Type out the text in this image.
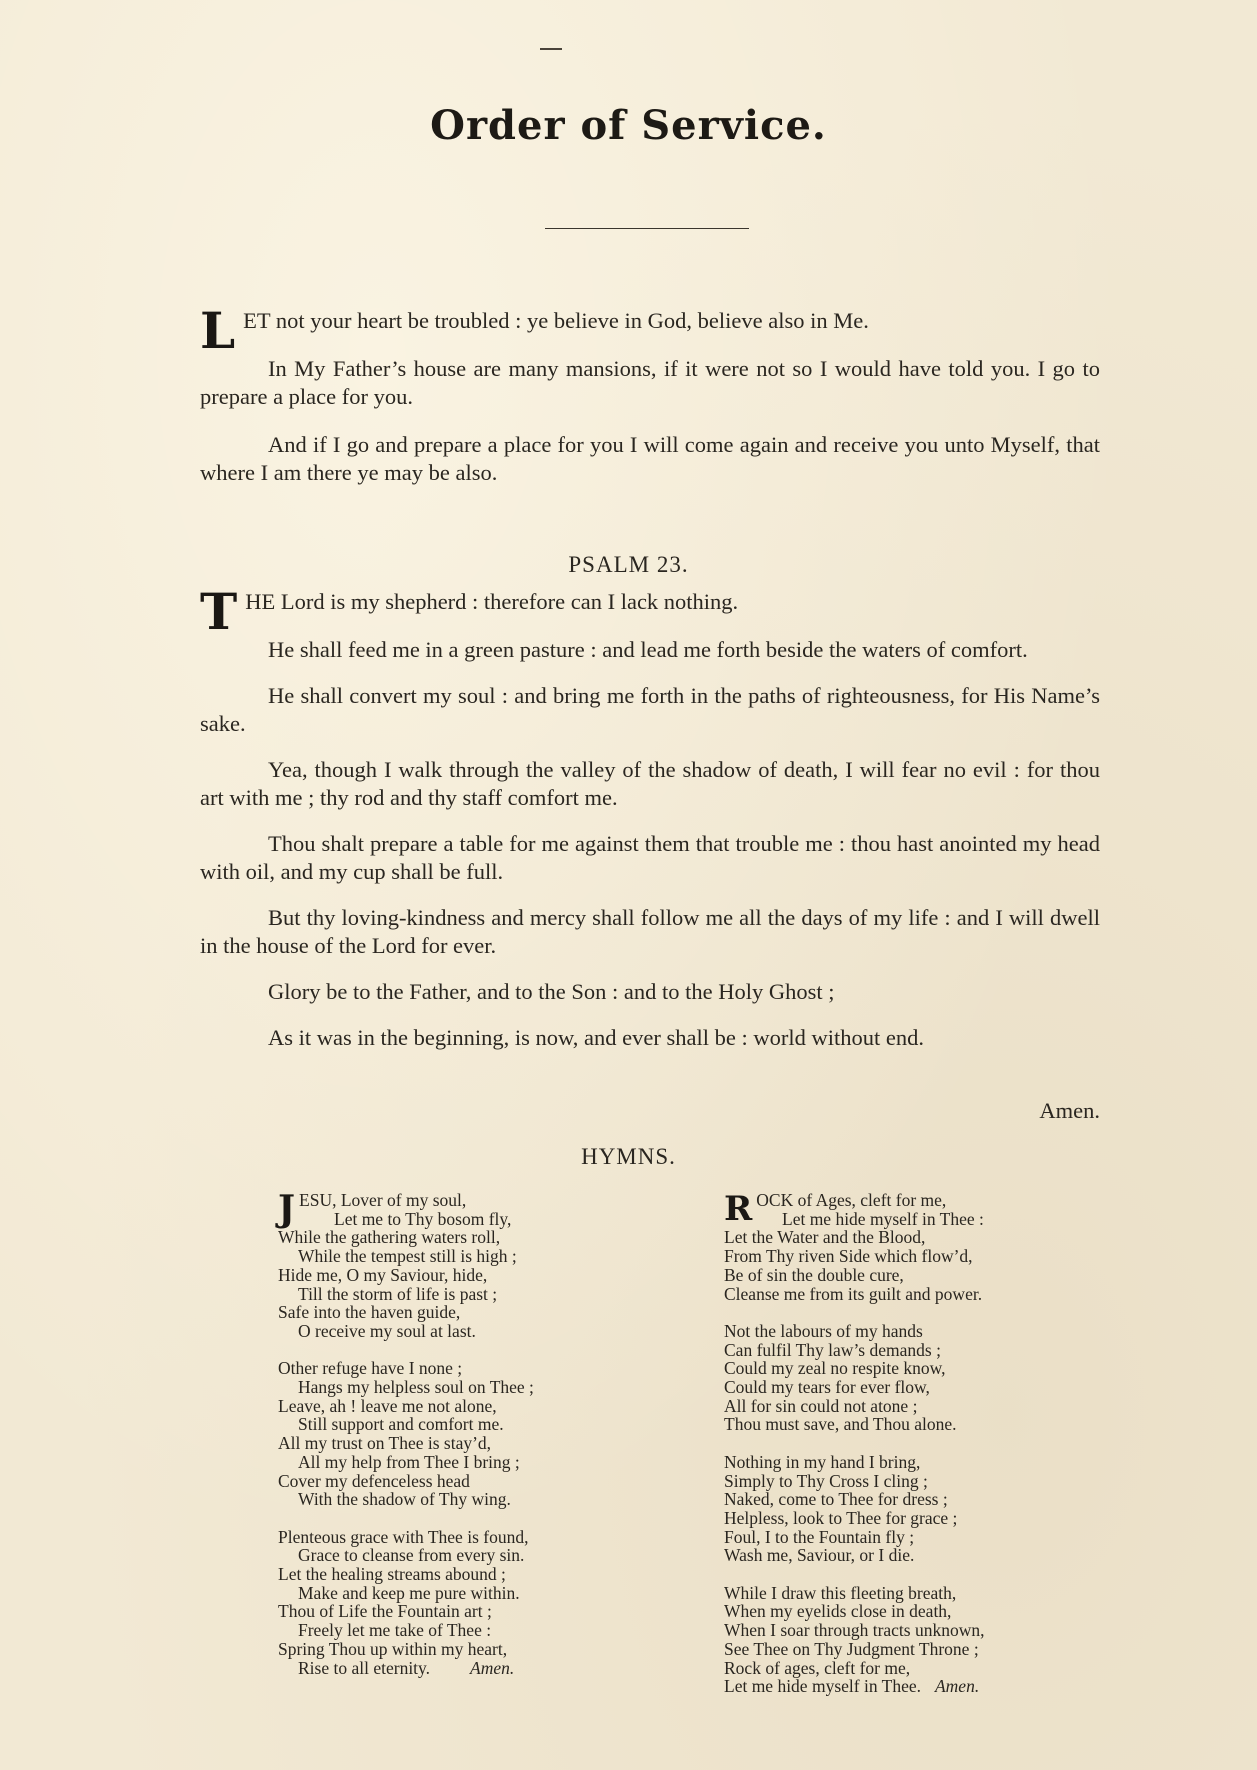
Order of Service.

LET not your heart be troubled : ye believe in God, believe also in Me.

In My Father’s house are many mansions, if it were not so I would have told you. I go to prepare a place for you.

And if I go and prepare a place for you I will come again and receive you unto Myself, that where I am there ye may be also.

PSALM 23.

THE Lord is my shepherd : therefore can I lack nothing.

He shall feed me in a green pasture : and lead me forth beside the waters of comfort.

He shall convert my soul : and bring me forth in the paths of righteousness, for His Name’s sake.

Yea, though I walk through the valley of the shadow of death, I will fear no evil : for thou art with me ; thy rod and thy staff comfort me.

Thou shalt prepare a table for me against them that trouble me : thou hast anointed my head with oil, and my cup shall be full.

But thy loving-kindness and mercy shall follow me all the days of my life : and I will dwell in the house of the Lord for ever.

Glory be to the Father, and to the Son : and to the Holy Ghost ;

As it was in the beginning, is now, and ever shall be : world without end.

Amen.
HYMNS.
J ESU, Lover of my soul,
Let me to Thy bosom fly,
While the gathering waters roll,
While the tempest still is high ;
Hide me, O my Saviour, hide,
Till the storm of life is past ;
Safe into the haven guide,
O receive my soul at last.
Other refuge have I none ;
Hangs my helpless soul on Thee ;
Leave, ah ! leave me not alone,
Still support and comfort me.
All my trust on Thee is stay’d,
All my help from Thee I bring ;
Cover my defenceless head
With the shadow of Thy wing.
Plenteous grace with Thee is found,
Grace to cleanse from every sin.
Let the healing streams abound ;
Make and keep me pure within.
Thou of Life the Fountain art ;
Freely let me take of Thee :
Spring Thou up within my heart,
Rise to all eternity. Amen.
R OCK of Ages, cleft for me,
Let me hide myself in Thee :
Let the Water and the Blood,
From Thy riven Side which flow’d,
Be of sin the double cure,
Cleanse me from its guilt and power.
Not the labours of my hands
Can fulfil Thy law’s demands ;
Could my zeal no respite know,
Could my tears for ever flow,
All for sin could not atone ;
Thou must save, and Thou alone.
Nothing in my hand I bring,
Simply to Thy Cross I cling ;
Naked, come to Thee for dress ;
Helpless, look to Thee for grace ;
Foul, I to the Fountain fly ;
Wash me, Saviour, or I die.
While I draw this fleeting breath,
When my eyelids close in death,
When I soar through tracts unknown,
See Thee on Thy Judgment Throne ;
Rock of ages, cleft for me,
Let me hide myself in Thee. Amen.
